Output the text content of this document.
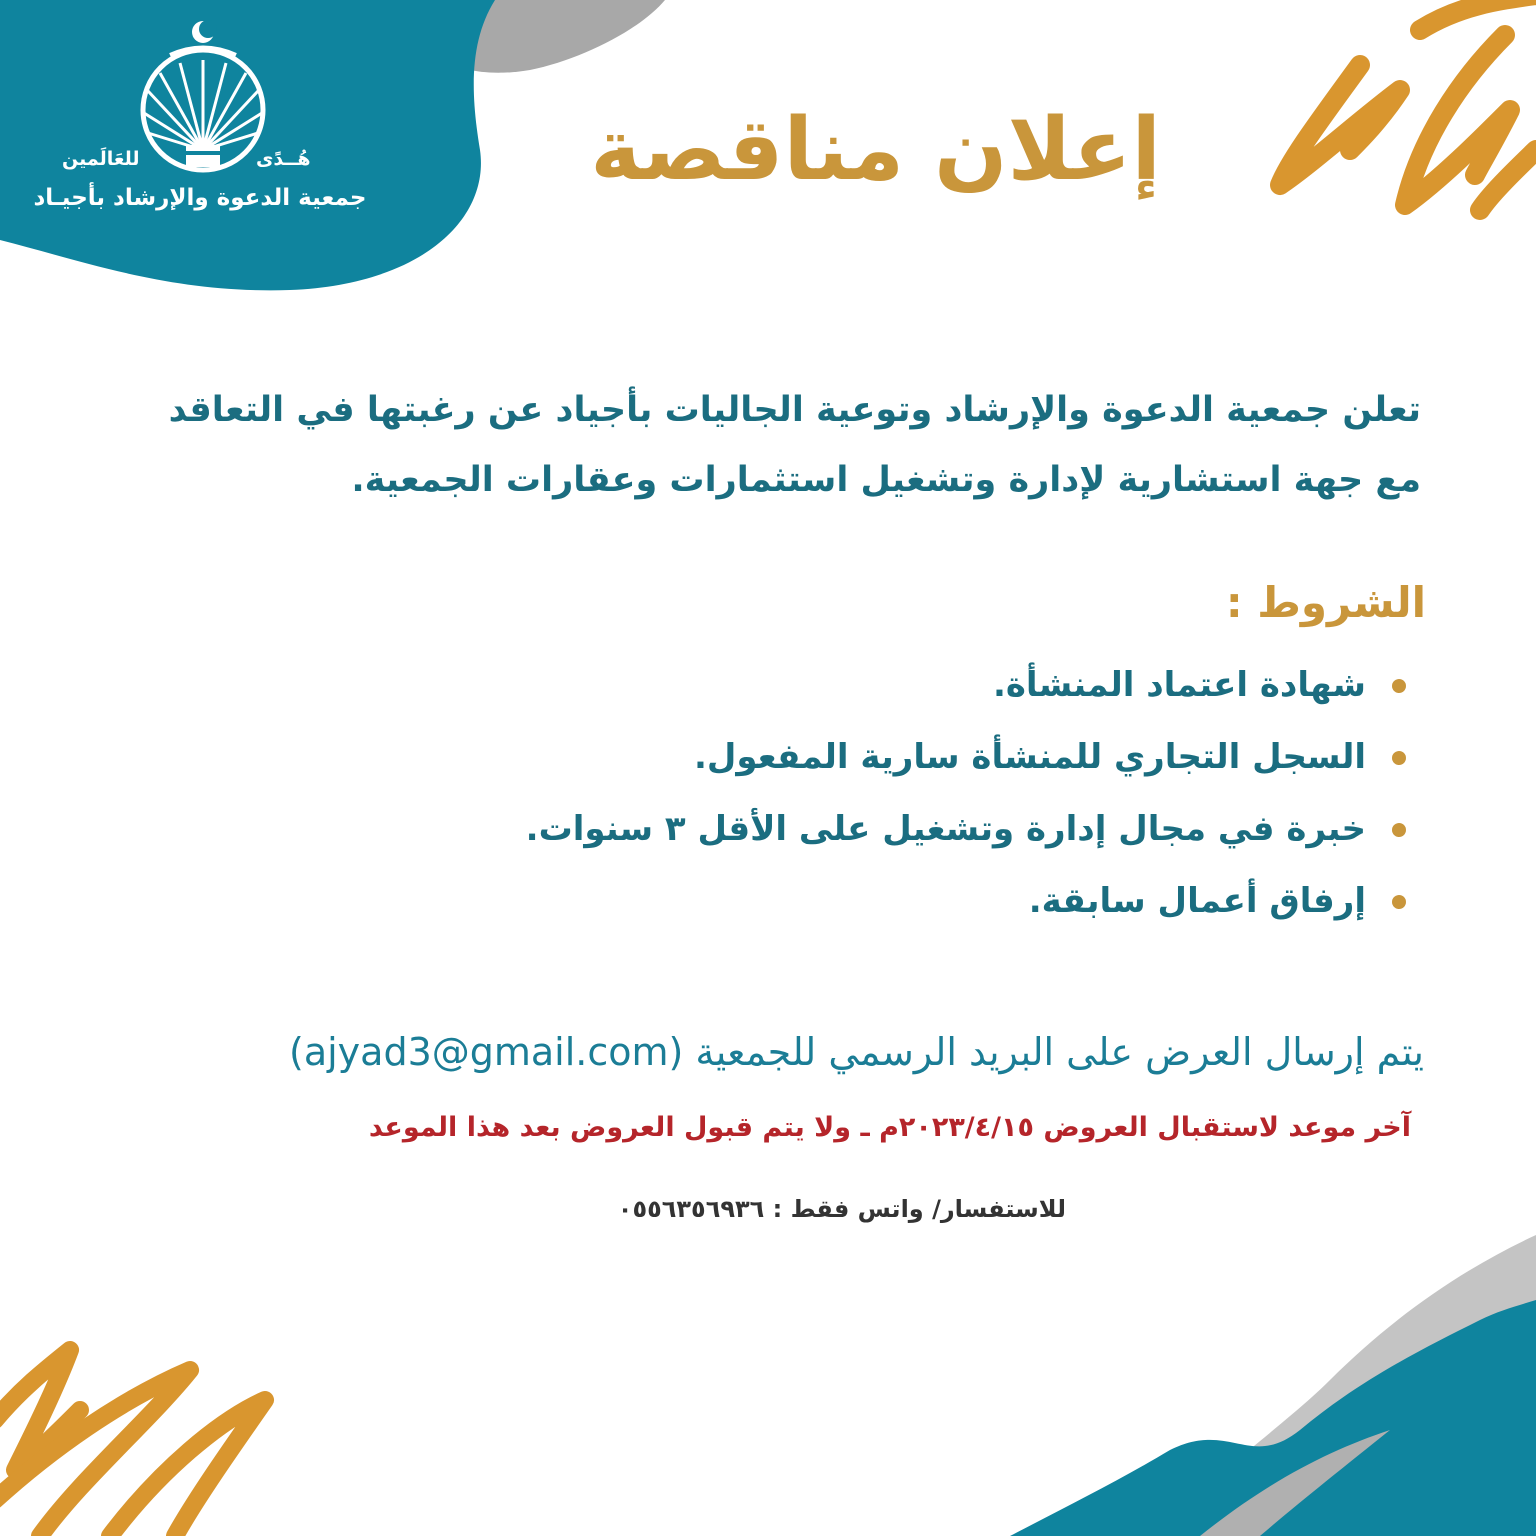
هُــدًى
للعَالَمين
جمعية الدعوة والإرشاد بأجيـاد	إعلان مناقصة

تعلن جمعية الدعوة والإرشاد وتوعية الجاليات بأجياد عن رغبتها في التعاقد مع جهة استشارية لإدارة وتشغيل استثمارات وعقارات الجمعية.

الشروط :
شهادة اعتماد المنشأة.
السجل التجاري للمنشأة سارية المفعول.
خبرة في مجال إدارة وتشغيل على الأقل ٣ سنوات.
إرفاق أعمال سابقة.

يتم إرسال العرض على البريد الرسمي للجمعية (ajyad3@gmail.com)

آخر موعد لاستقبال العروض ٢٠٢٣/٤/١٥م ـ ولا يتم قبول العروض بعد هذا الموعد

للاستفسار/ واتس فقط : ٠٥٥٦٣٥٦٩٣٦
